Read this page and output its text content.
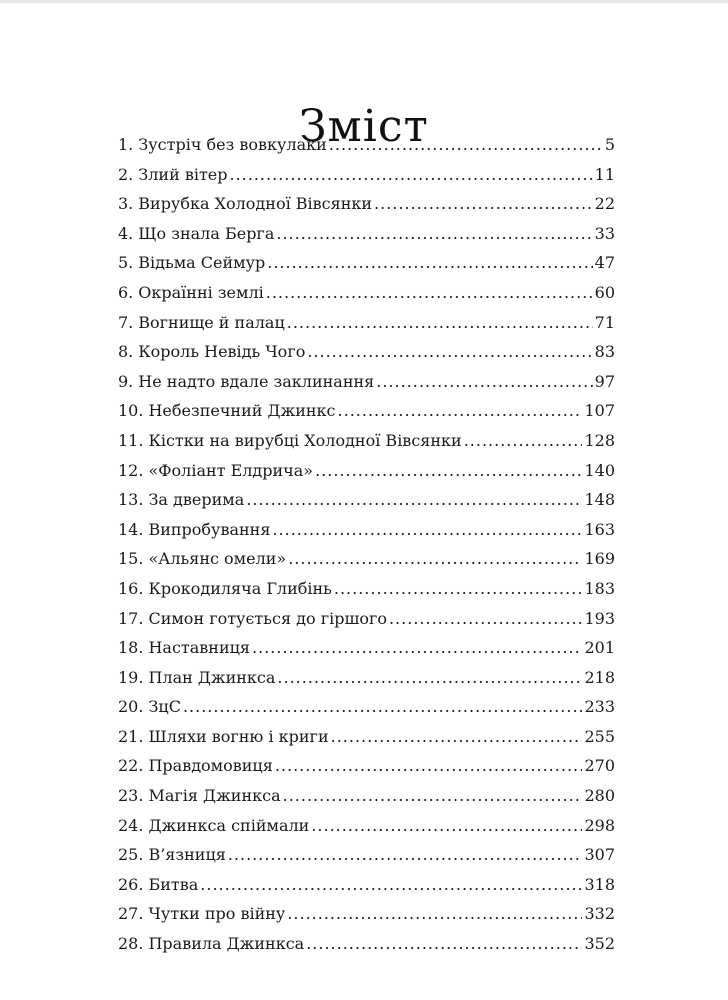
Зміст
1. Зустріч без вовкулаки .....	5
2. Злий вітер .....	11
3. Вирубка Холодної Вівсянки .....	22
4. Що знала Берга .....	33
5. Відьма Сеймур .....	47
6. Окраїнні землі .....	60
7. Вогнище й палац .....	71
8. Король Невідь Чого .....	83
9. Не надто вдале заклинання .....	97
10. Небезпечний Джинкс .....	107
11. Кістки на вирубці Холодної Вівсянки .....	128
12. «Фоліант Елдрича» .....	140
13. За дверима .....	148
14. Випробування .....	163
15. «Альянс омели» .....	169
16. Крокодиляча Глибінь .....	183
17. Симон готується до гіршого .....	193
18. Наставниця .....	201
19. План Джинкса .....	218
20. ЗцС .....	233
21. Шляхи вогню і криги .....	255
22. Правдомовиця .....	270
23. Магія Джинкса .....	280
24. Джинкса спіймали .....	298
25. В’язниця .....	307
26. Битва .....	318
27. Чутки про війну .....	332
28. Правила Джинкса .....	352
